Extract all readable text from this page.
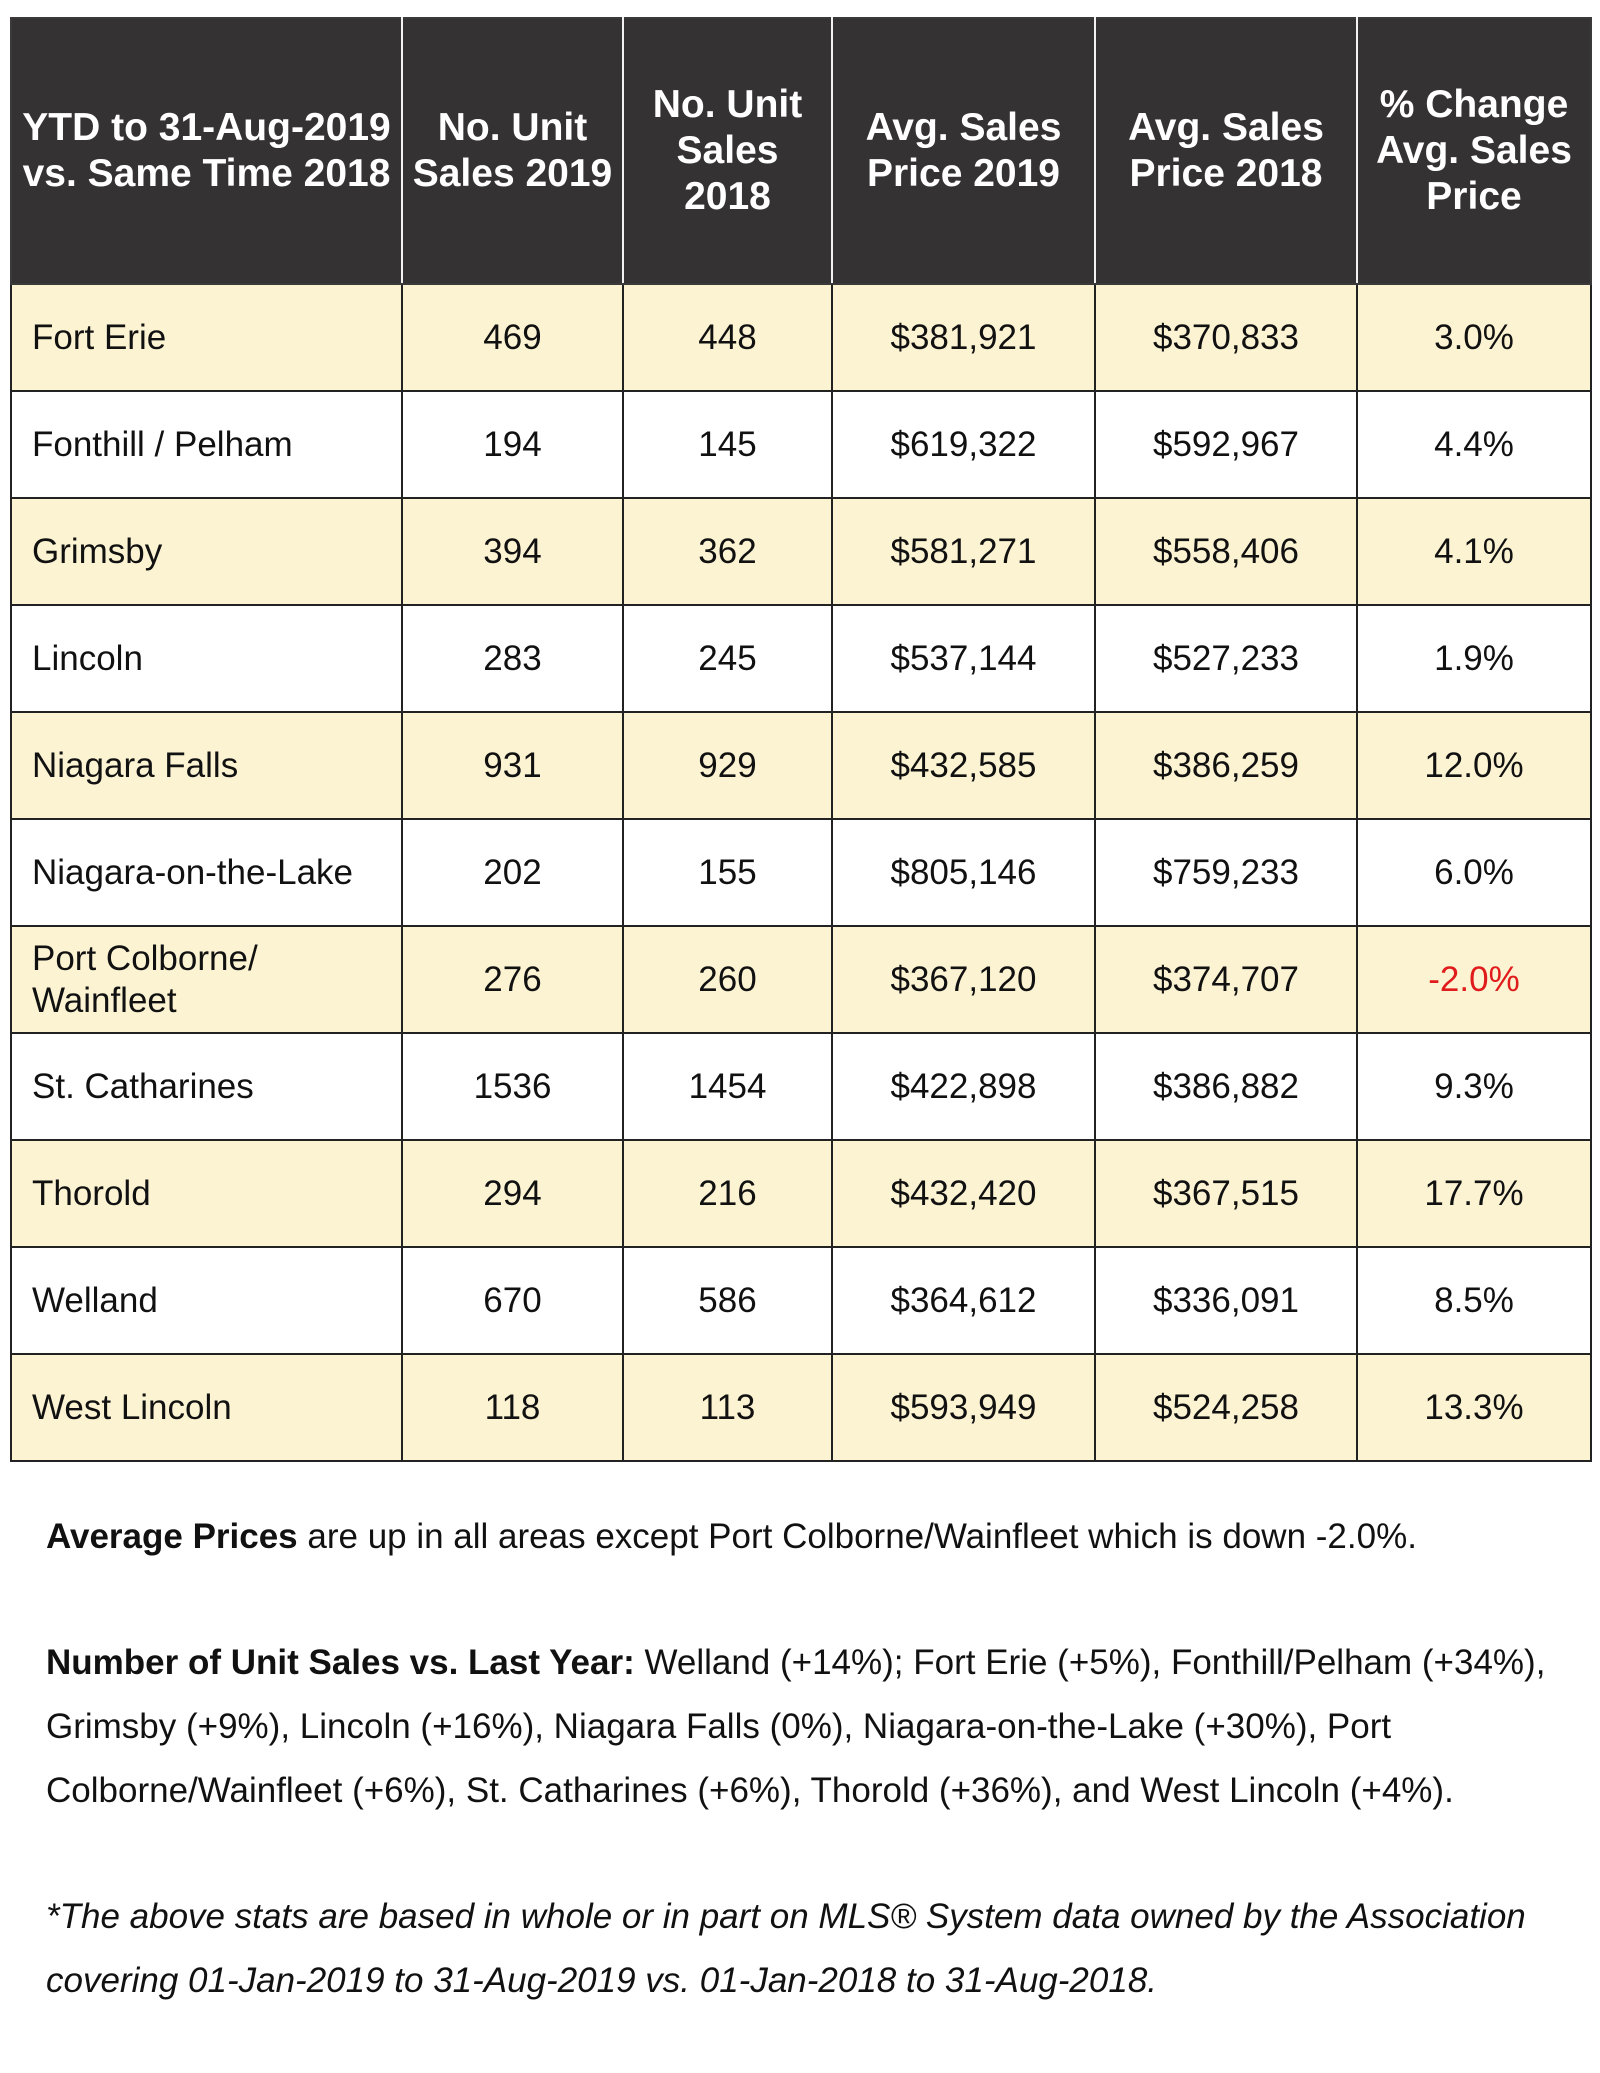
YTD to 31-Aug-2019 vs. Same Time 2018	No. Unit Sales 2019	No. Unit Sales 2018	Avg. Sales Price 2019	Avg. Sales Price 2018	% Change Avg. Sales Price
Fort Erie	469	448	$381,921	$370,833	3.0%
Fonthill / Pelham	194	145	$619,322	$592,967	4.4%
Grimsby	394	362	$581,271	$558,406	4.1%
Lincoln	283	245	$537,144	$527,233	1.9%
Niagara Falls	931	929	$432,585	$386,259	12.0%
Niagara-on-the-Lake	202	155	$805,146	$759,233	6.0%
Port Colborne/ Wainfleet	276	260	$367,120	$374,707	-2.0%
St. Catharines	1536	1454	$422,898	$386,882	9.3%
Thorold	294	216	$432,420	$367,515	17.7%
Welland	670	586	$364,612	$336,091	8.5%
West Lincoln	118	113	$593,949	$524,258	13.3%

Average Prices are up in all areas except Port Colborne/Wainfleet which is down -2.0%.

Number of Unit Sales vs. Last Year: Welland (+14%); Fort Erie (+5%), Fonthill/Pelham (+34%), Grimsby (+9%), Lincoln (+16%), Niagara Falls (0%), Niagara-on-the-Lake (+30%), Port Colborne/Wainfleet (+6%), St. Catharines (+6%), Thorold (+36%), and West Lincoln (+4%).

*The above stats are based in whole or in part on MLS® System data owned by the Association covering 01-Jan-2019 to 31-Aug-2019 vs. 01-Jan-2018 to 31-Aug-2018.
